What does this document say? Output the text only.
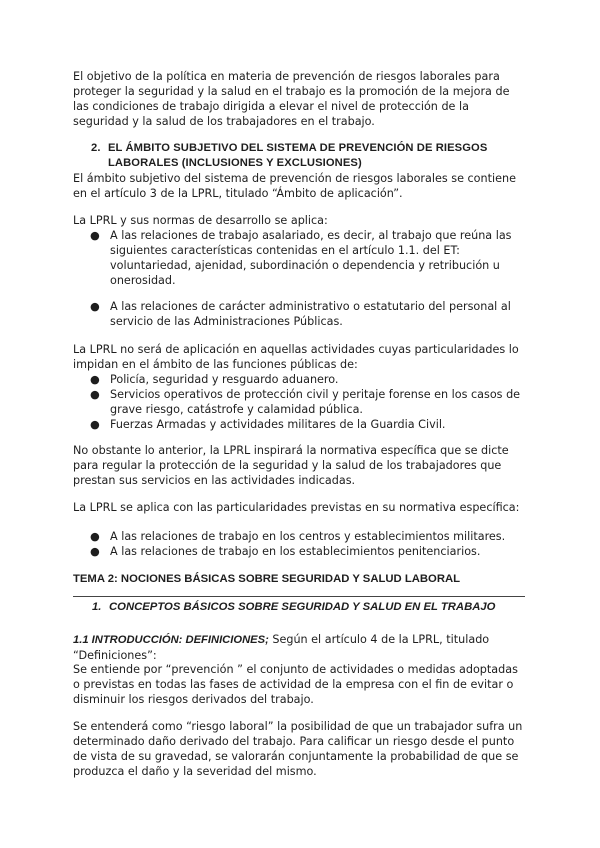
El objetivo de la política en materia de prevención de riesgos laborales para proteger la seguridad y la salud en el trabajo es la promoción de la mejora de las condiciones de trabajo dirigida a elevar el nivel de protección de la seguridad y la salud de los trabajadores en el trabajo.

2. EL ÁMBITO SUBJETIVO DEL SISTEMA DE PREVENCIÓN DE RIESGOS LABORALES (INCLUSIONES Y EXCLUSIONES)

El ámbito subjetivo del sistema de prevención de riesgos laborales se contiene en el artículo 3 de la LPRL, titulado “Ámbito de aplicación”.

La LPRL y sus normas de desarrollo se aplica:

● A las relaciones de trabajo asalariado, es decir, al trabajo que reúna las siguientes características contenidas en el artículo 1.1. del ET: voluntariedad, ajenidad, subordinación o dependencia y retribución u onerosidad.
● A las relaciones de carácter administrativo o estatutario del personal al servicio de las Administraciones Públicas.

La LPRL no será de aplicación en aquellas actividades cuyas particularidades lo impidan en el ámbito de las funciones públicas de:

● Policía, seguridad y resguardo aduanero.
● Servicios operativos de protección civil y peritaje forense en los casos de grave riesgo, catástrofe y calamidad pública.
● Fuerzas Armadas y actividades militares de la Guardia Civil.

No obstante lo anterior, la LPRL inspirará la normativa específica que se dicte para regular la protección de la seguridad y la salud de los trabajadores que prestan sus servicios en las actividades indicadas.

La LPRL se aplica con las particularidades previstas en su normativa específica:

● A las relaciones de trabajo en los centros y establecimientos militares.
● A las relaciones de trabajo en los establecimientos penitenciarios.

TEMA 2: NOCIONES BÁSICAS SOBRE SEGURIDAD Y SALUD LABORAL

1. CONCEPTOS BÁSICOS SOBRE SEGURIDAD Y SALUD EN EL TRABAJO

1.1 INTRODUCCIÓN: DEFINICIONES; Según el artículo 4 de la LPRL, titulado “Definiciones”:

Se entiende por “prevención ” el conjunto de actividades o medidas adoptadas o previstas en todas las fases de actividad de la empresa con el fin de evitar o disminuir los riesgos derivados del trabajo.

Se entenderá como “riesgo laboral” la posibilidad de que un trabajador sufra un determinado daño derivado del trabajo. Para calificar un riesgo desde el punto de vista de su gravedad, se valorarán conjuntamente la probabilidad de que se produzca el daño y la severidad del mismo.
